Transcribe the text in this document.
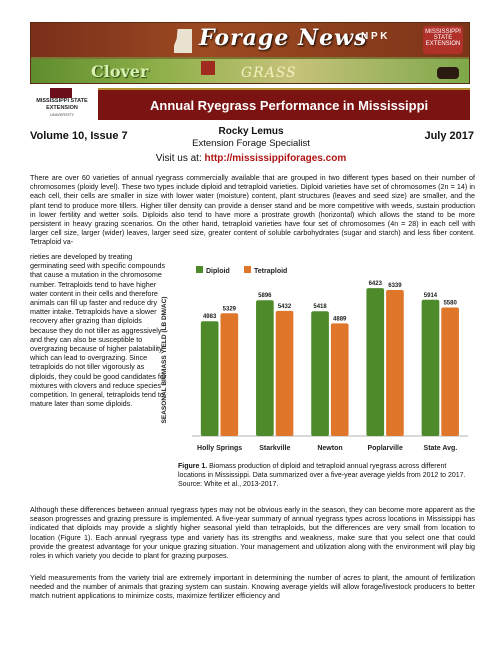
Forage News
N P K	MISSISSIPPI STATE EXTENSION
Clover	GRASS
MISSISSIPPI STATE
EXTENSION
UNIVERSITY
Annual Ryegrass Performance in Mississippi
Volume 10, Issue 7	Rocky Lemus
Extension Forage Specialist
July 2017
Visit us at: http://mississippiforages.com
There are over 60 varieties of annual ryegrass commercially available that are grouped in two different types based on their number of chromosomes (ploidy level). These two types include diploid and tetraploid varieties. Diploid varieties have set of chromosomes (2n = 14) in each cell, their cells are smaller in size with lower water (moisture) content, plant structures (leaves and seed size) are smaller, and the plant tend to produce more tillers. Higher tiller density can provide a denser stand and be more competitive with weeds, sustain production in lower fertility and wetter soils. Diploids also tend to have more a prostrate growth (horizontal) which allows the stand to be more persistent in heavy grazing scenarios. On the other hand, tetraploid varieties have four set of chromosomes (4n = 28) in each cell with larger cell size, larger (wider) leaves, larger seed size, greater content of soluble carbohydrates (sugar and starch) and less fiber content. Tetraploid va-
rieties are developed by treating germinating seed with specific compounds that cause a mutation in the chromosome number. Tetraploids tend to have higher water content in their cells and therefore animals can fill up faster and reduce dry matter intake. Tetraploids have a slower recovery after grazing than diploids because they do not tiller as aggressively and they can also be susceptible to overgrazing because of higher palatability which can lead to overgrazing. Since tetraploids do not tiller vigorously as diploids, they could be good candidates for mixtures with clovers and reduce species competition. In general, tetraploids tend to mature later than some diploids.
Diploid	Tetraploid
SEASONAL BIOMASS YIELD (LB DM/AC)	4983
5329
Holly Springs
5896
5432
Starkville
5418
4889
Newton
6423 6339
Poplarville
5914
5580
State Avg.
Figure 1. Biomass production of diploid and tetraploid annual ryegrass across different locations in Mississippi. Data summarized over a five-year average yields from 2012 to 2017. Source: White et al., 2013-2017.
Although these differences between annual ryegrass types may not be obvious early in the season, they can become more apparent as the season progresses and grazing pressure is implemented. A five-year summary of annual ryegrass types across locations in Mississippi has indicated that diploids may provide a slightly higher seasonal yield than tetraploids, but the differences are very small from location to location (Figure 1). Each annual ryegrass type and variety has its strengths and weakness, make sure that you select one that could provide the greatest advantage for your unique grazing situation. Your management and utilization along with the environment will play big roles in which variety you decide to plant for grazing purposes.
Yield measurements from the variety trial are extremely important in determining the number of acres to plant, the amount of fertilization needed and the number of animals that grazing system can sustain. Knowing average yields will allow forage/livestock producers to better match nutrient applications to minimize costs, maximize fertilizer efficiency and
